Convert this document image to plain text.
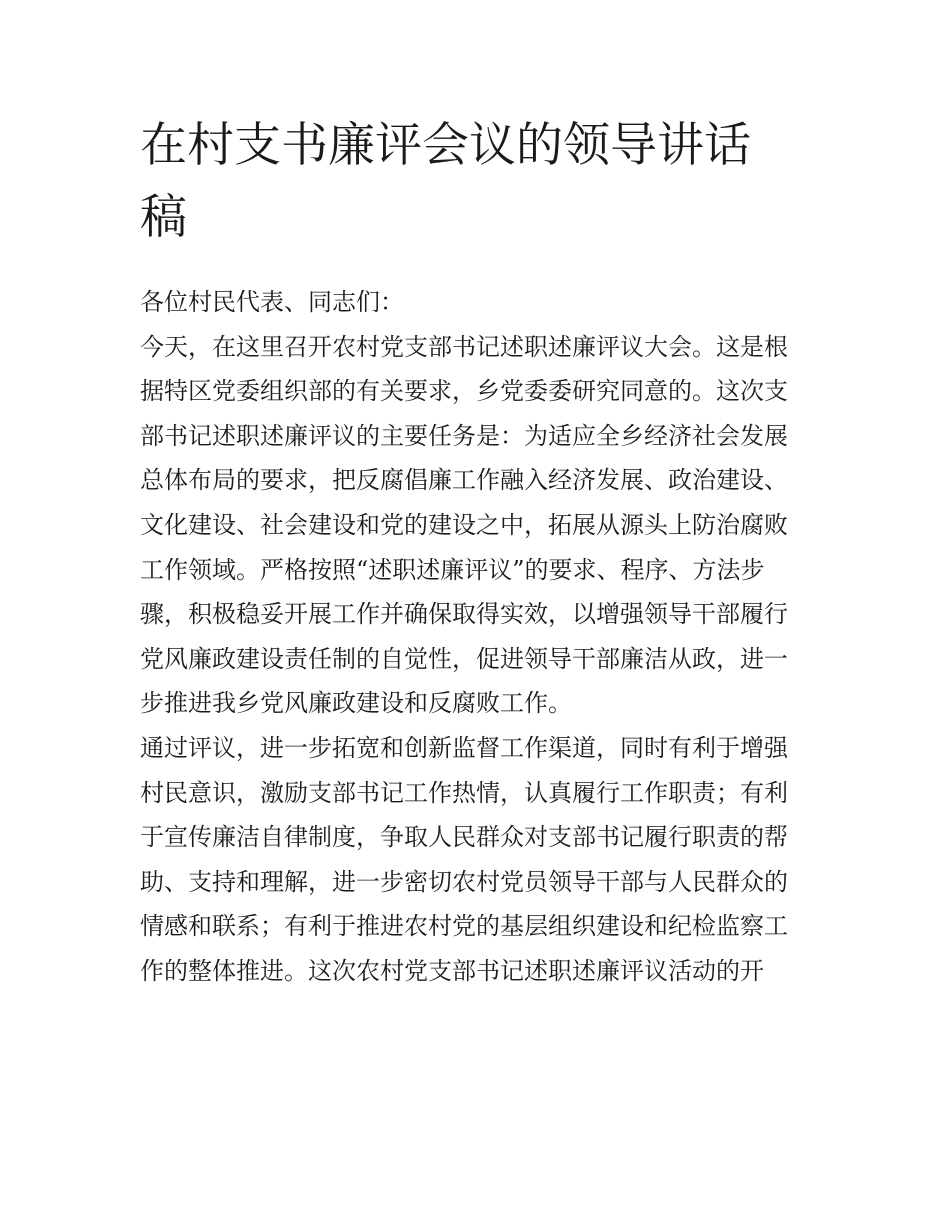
在村支书廉评会议的领导讲话
稿
各位村民代表、同志们：
今天，在这里召开农村党支部书记述职述廉评议大会。这是根
据特区党委组织部的有关要求，乡党委委研究同意的。这次支
部书记述职述廉评议的主要任务是：为适应全乡经济社会发展
总体布局的要求，把反腐倡廉工作融入经济发展、政治建设、
文化建设、社会建设和党的建设之中，拓展从源头上防治腐败
工作领域。严格按照“述职述廉评议”的要求、程序、方法步
骤，积极稳妥开展工作并确保取得实效，以增强领导干部履行
党风廉政建设责任制的自觉性，促进领导干部廉洁从政，进一
步推进我乡党风廉政建设和反腐败工作。
通过评议，进一步拓宽和创新监督工作渠道，同时有利于增强
村民意识，激励支部书记工作热情，认真履行工作职责；有利
于宣传廉洁自律制度，争取人民群众对支部书记履行职责的帮
助、支持和理解，进一步密切农村党员领导干部与人民群众的
情感和联系；有利于推进农村党的基层组织建设和纪检监察工
作的整体推进。这次农村党支部书记述职述廉评议活动的开
